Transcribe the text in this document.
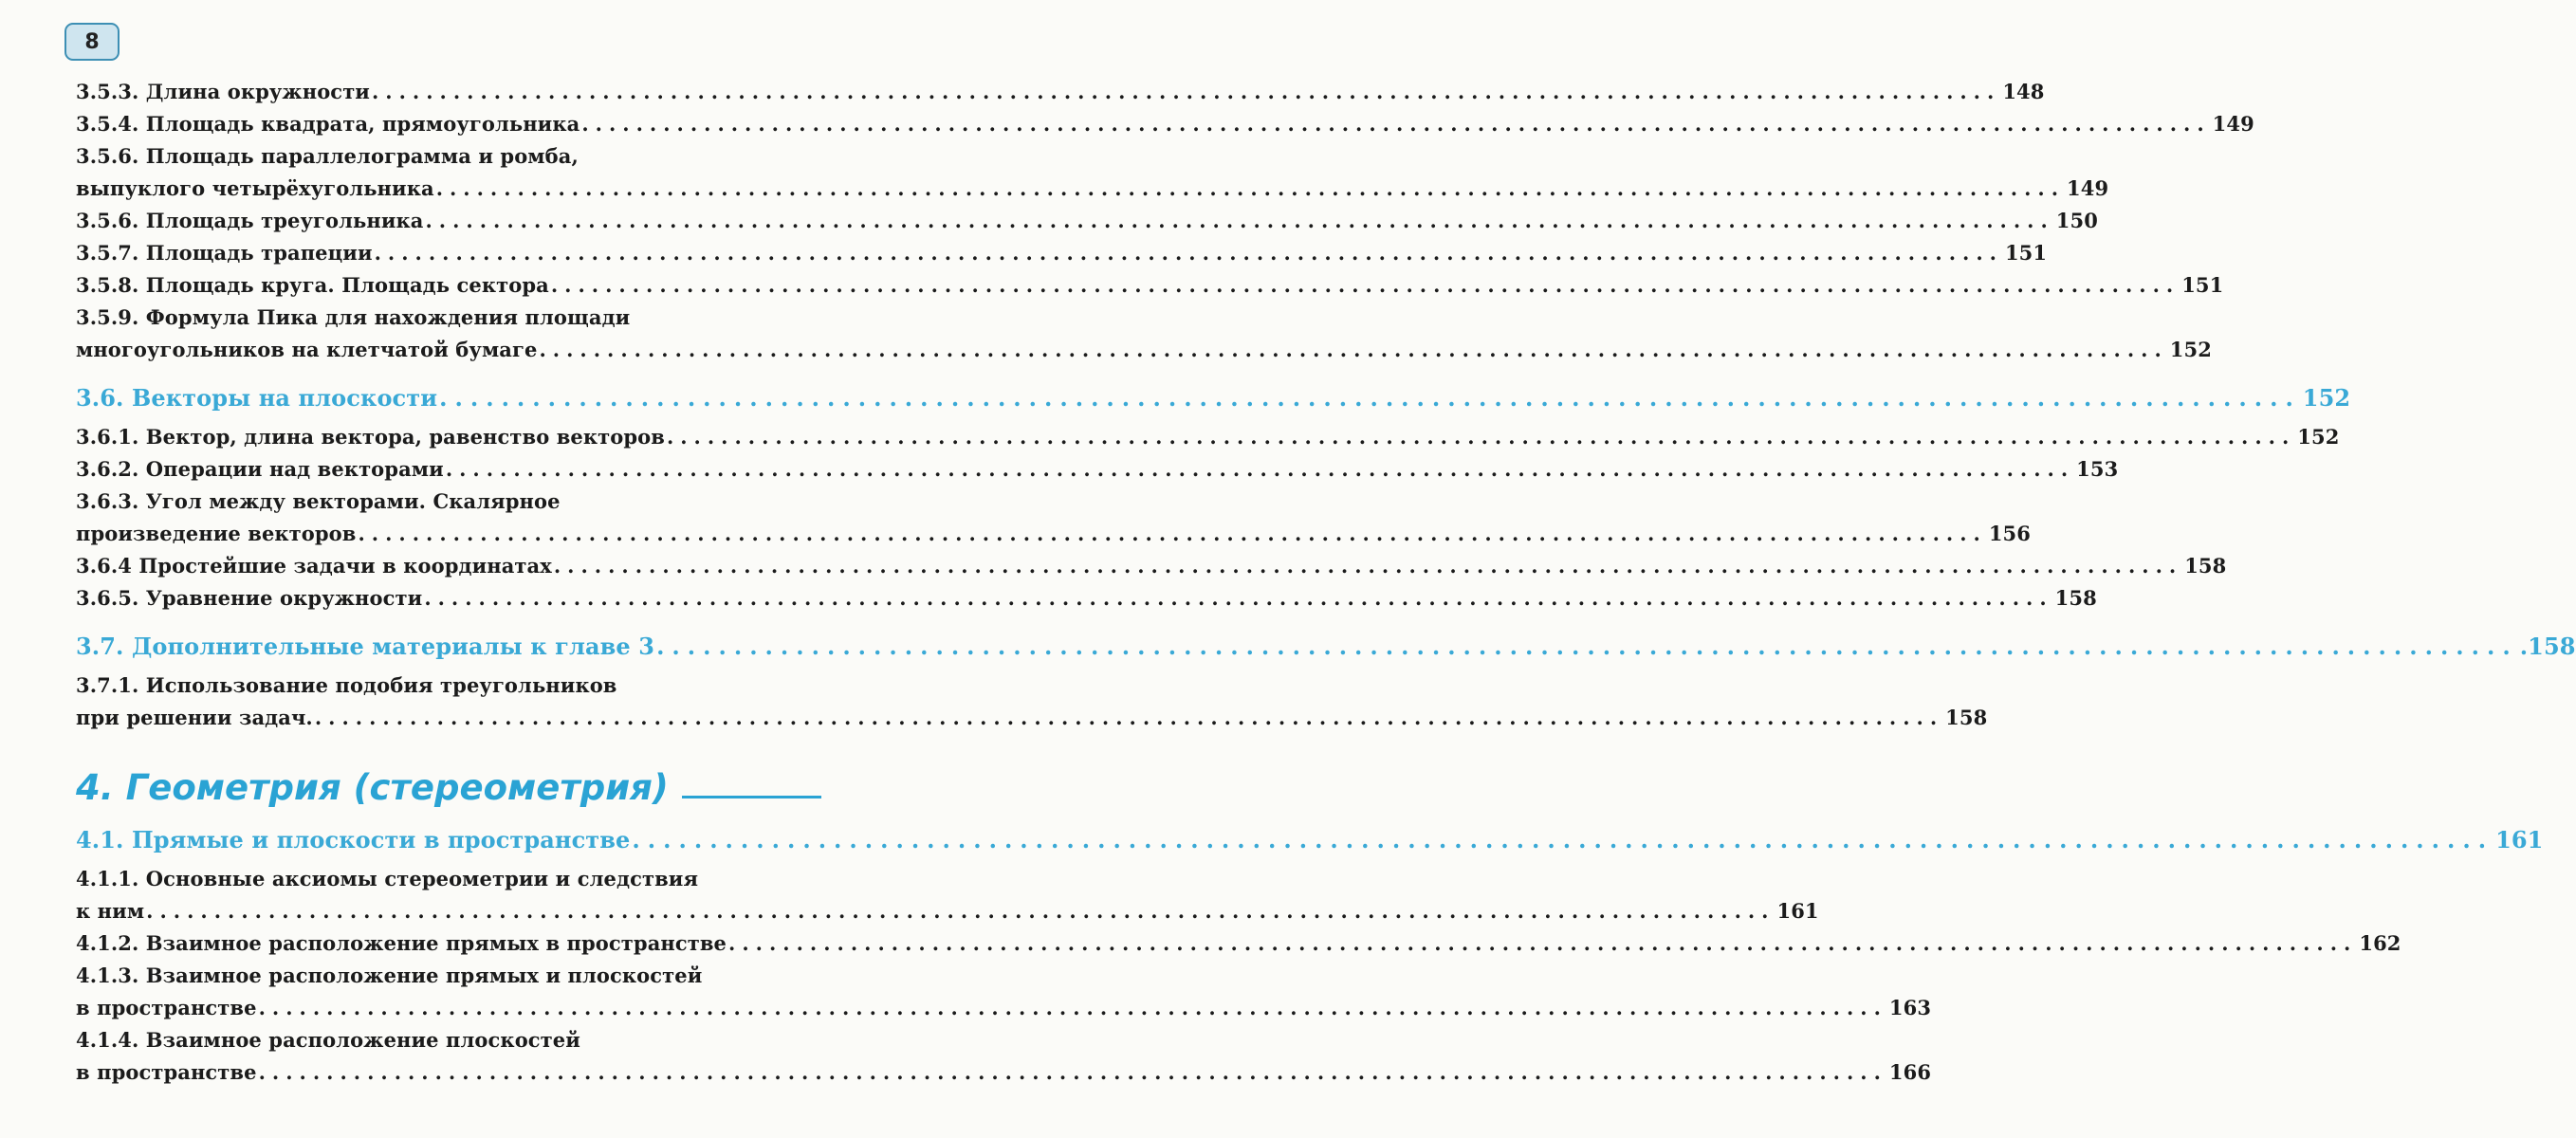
8
3.5.3. Длина окружности ........................................................................................................................ 148
3.5.4. Площадь квадрата, прямоугольника ........................................................................................................................ 149
3.5.6. Площадь параллелограмма и ромба,
выпуклого четырёхугольника ........................................................................................................................ 149
3.5.6. Площадь треугольника ........................................................................................................................ 150
3.5.7. Площадь трапеции ........................................................................................................................ 151
3.5.8. Площадь круга. Площадь сектора ........................................................................................................................ 151
3.5.9. Формула Пика для нахождения площади
многоугольников на клетчатой бумаге ........................................................................................................................ 152
3.6. Векторы на плоскости ........................................................................................................................ 152
3.6.1. Вектор, длина вектора, равенство векторов ........................................................................................................................ 152
3.6.2. Операции над векторами ........................................................................................................................ 153
3.6.3. Угол между векторами. Скалярное
произведение векторов ........................................................................................................................ 156
3.6.4 Простейшие задачи в координатах ........................................................................................................................ 158
3.6.5. Уравнение окружности ........................................................................................................................ 158
3.7. Дополнительные материалы к главе 3 ........................................................................................................................ .158
3.7.1. Использование подобия треугольников
при решении задач. ........................................................................................................................ 158
4. Геометрия (стереометрия)
4.1. Прямые и плоскости в пространстве ........................................................................................................................ 161
4.1.1. Основные аксиомы стереометрии и следствия
к ним ........................................................................................................................ 161
4.1.2. Взаимное расположение прямых в пространстве ........................................................................................................................ 162
4.1.3. Взаимное расположение прямых и плоскостей
в пространстве ........................................................................................................................ 163
4.1.4. Взаимное расположение плоскостей
в пространстве ........................................................................................................................ 166
